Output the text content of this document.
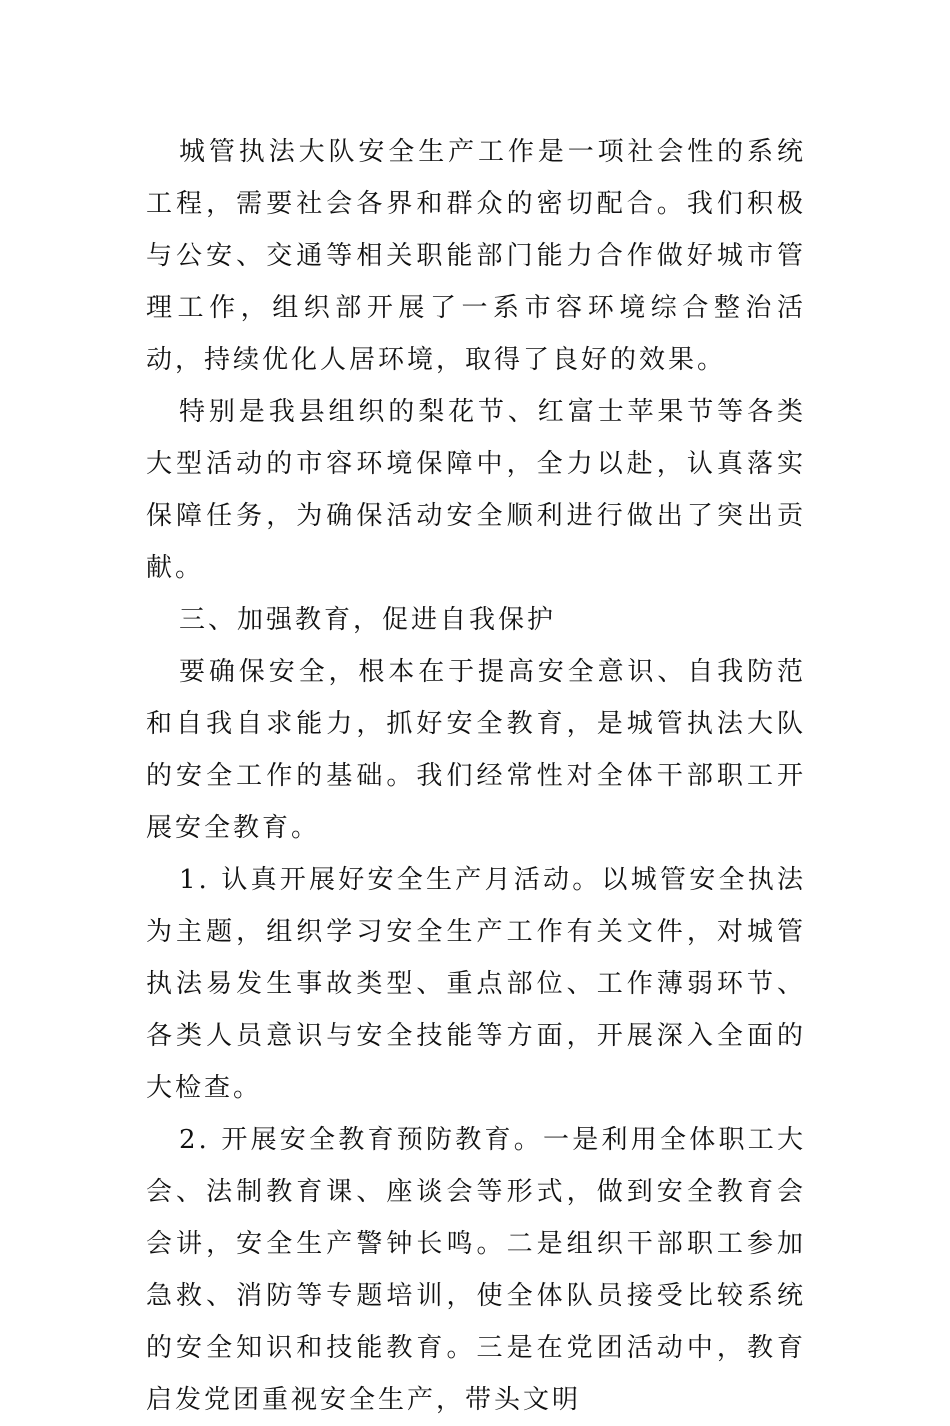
城管执法大队安全生产工作是一项社会性的系统工程，需要社会各界和群众的密切配合。我们积极与公安、交通等相关职能部门能力合作做好城市管理工作，组织部开展了一系市容环境综合整治活动，持续优化人居环境，取得了良好的效果。

特别是我县组织的梨花节、红富士苹果节等各类大型活动的市容环境保障中，全力以赴，认真落实保障任务，为确保活动安全顺利进行做出了突出贡献。

三、加强教育，促进自我保护

要确保安全，根本在于提高安全意识、自我防范和自我自求能力，抓好安全教育，是城管执法大队的安全工作的基础。我们经常性对全体干部职工开展安全教育。

1. 认真开展好安全生产月活动。以城管安全执法为主题，组织学习安全生产工作有关文件，对城管执法易发生事故类型、重点部位、工作薄弱环节、各类人员意识与安全技能等方面，开展深入全面的大检查。

2. 开展安全教育预防教育。一是利用全体职工大会、法制教育课、座谈会等形式，做到安全教育会会讲，安全生产警钟长鸣。二是组织干部职工参加急救、消防等专题培训，使全体队员接受比较系统的安全知识和技能教育。三是在党团活动中，教育启发党团重视安全生产，带头文明
